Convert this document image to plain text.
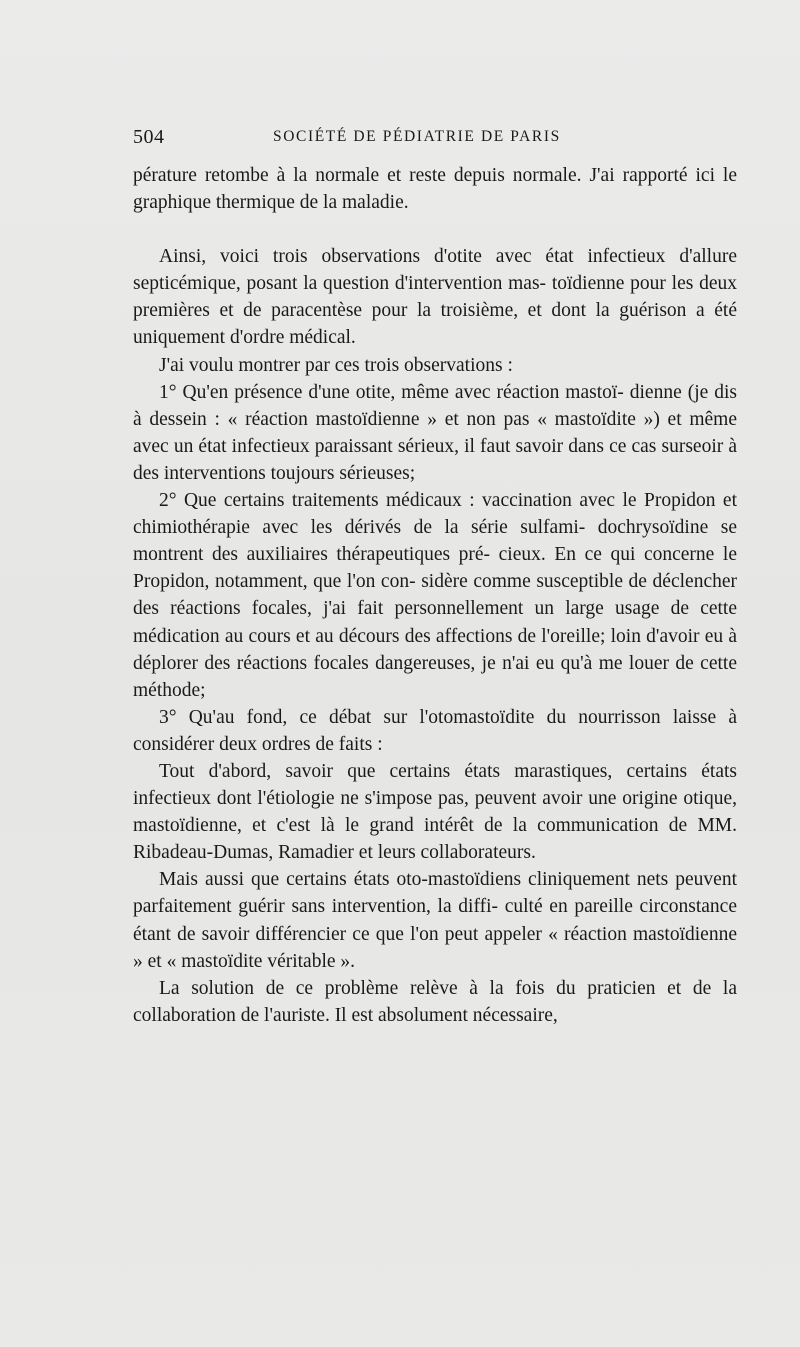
504	SOCIÉTÉ DE PÉDIATRIE DE PARIS

pérature retombe à la normale et reste depuis normale. J'ai rapporté ici le graphique thermique de la maladie.

Ainsi, voici trois observations d'otite avec état infectieux d'allure septicémique, posant la question d'intervention mas- toïdienne pour les deux premières et de paracentèse pour la troisième, et dont la guérison a été uniquement d'ordre médical.

J'ai voulu montrer par ces trois observations :

1° Qu'en présence d'une otite, même avec réaction mastoï- dienne (je dis à dessein : « réaction mastoïdienne » et non pas « mastoïdite ») et même avec un état infectieux paraissant sérieux, il faut savoir dans ce cas surseoir à des interventions toujours sérieuses;

2° Que certains traitements médicaux : vaccination avec le Propidon et chimiothérapie avec les dérivés de la série sulfami- dochrysoïdine se montrent des auxiliaires thérapeutiques pré- cieux. En ce qui concerne le Propidon, notamment, que l'on con- sidère comme susceptible de déclencher des réactions focales, j'ai fait personnellement un large usage de cette médication au cours et au décours des affections de l'oreille; loin d'avoir eu à déplorer des réactions focales dangereuses, je n'ai eu qu'à me louer de cette méthode;

3° Qu'au fond, ce débat sur l'otomastoïdite du nourrisson laisse à considérer deux ordres de faits :

Tout d'abord, savoir que certains états marastiques, certains états infectieux dont l'étiologie ne s'impose pas, peuvent avoir une origine otique, mastoïdienne, et c'est là le grand intérêt de la communication de MM. Ribadeau-Dumas, Ramadier et leurs collaborateurs.

Mais aussi que certains états oto-mastoïdiens cliniquement nets peuvent parfaitement guérir sans intervention, la diffi- culté en pareille circonstance étant de savoir différencier ce que l'on peut appeler « réaction mastoïdienne » et « mastoïdite véritable ».

La solution de ce problème relève à la fois du praticien et de la collaboration de l'auriste. Il est absolument nécessaire,
